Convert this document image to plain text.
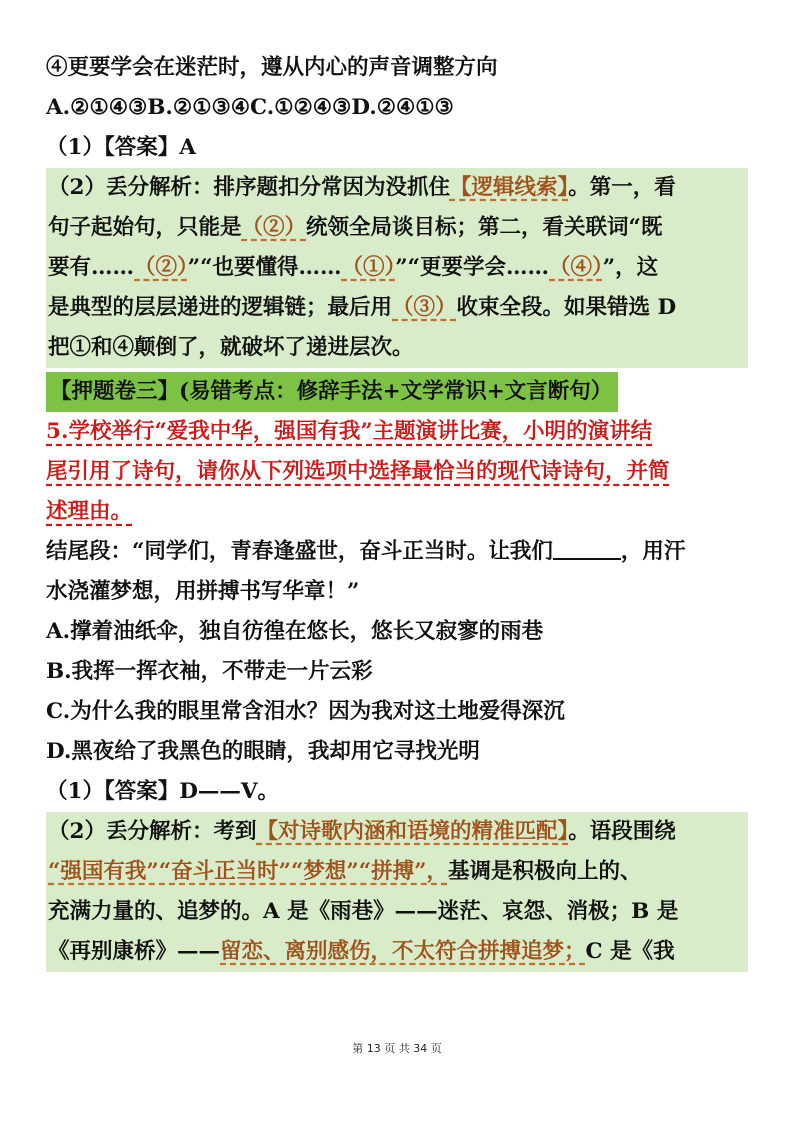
④更要学会在迷茫时，遵从内心的声音调整方向
A.②①④③B.②①③④C.①②④③D.②④①③
（1）【答案】A
（2）丢分解析：排序题扣分常因为没抓住【逻辑线索】。第一，看
句子起始句，只能是（②）统领全局谈目标；第二，看关联词“既
要有……（②）”“也要懂得……（①）”“更要学会……（④）”，这
是典型的层层递进的逻辑链；最后用（③）收束全段。如果错选 D
把①和④颠倒了，就破坏了递进层次。
【押题卷三】(易错考点：修辞手法+文学常识+文言断句）
5.学校举行“爱我中华，强国有我”主题演讲比赛，小明的演讲结
尾引用了诗句，请你从下列选项中选择最恰当的现代诗诗句，并简
述理由。
结尾段：“同学们，青春逢盛世，奋斗正当时。让我们	，用汗
水浇灌梦想，用拼搏书写华章！”
A.撑着油纸伞，独自彷徨在悠长，悠长又寂寥的雨巷
B.我挥一挥衣袖，不带走一片云彩
C.为什么我的眼里常含泪水？因为我对这土地爱得深沉
D.黑夜给了我黑色的眼睛，我却用它寻找光明
（1）【答案】D——V。
（2）丢分解析：考到【对诗歌内涵和语境的精准匹配】。语段围绕
“强国有我”“奋斗正当时”“梦想”“拼搏”，基调是积极向上的、
充满力量的、追梦的。A 是《雨巷》——迷茫、哀怨、消极；B 是
《再别康桥》——留恋、离别感伤，不太符合拼搏追梦；C 是《我
第 13 页 共 34 页
